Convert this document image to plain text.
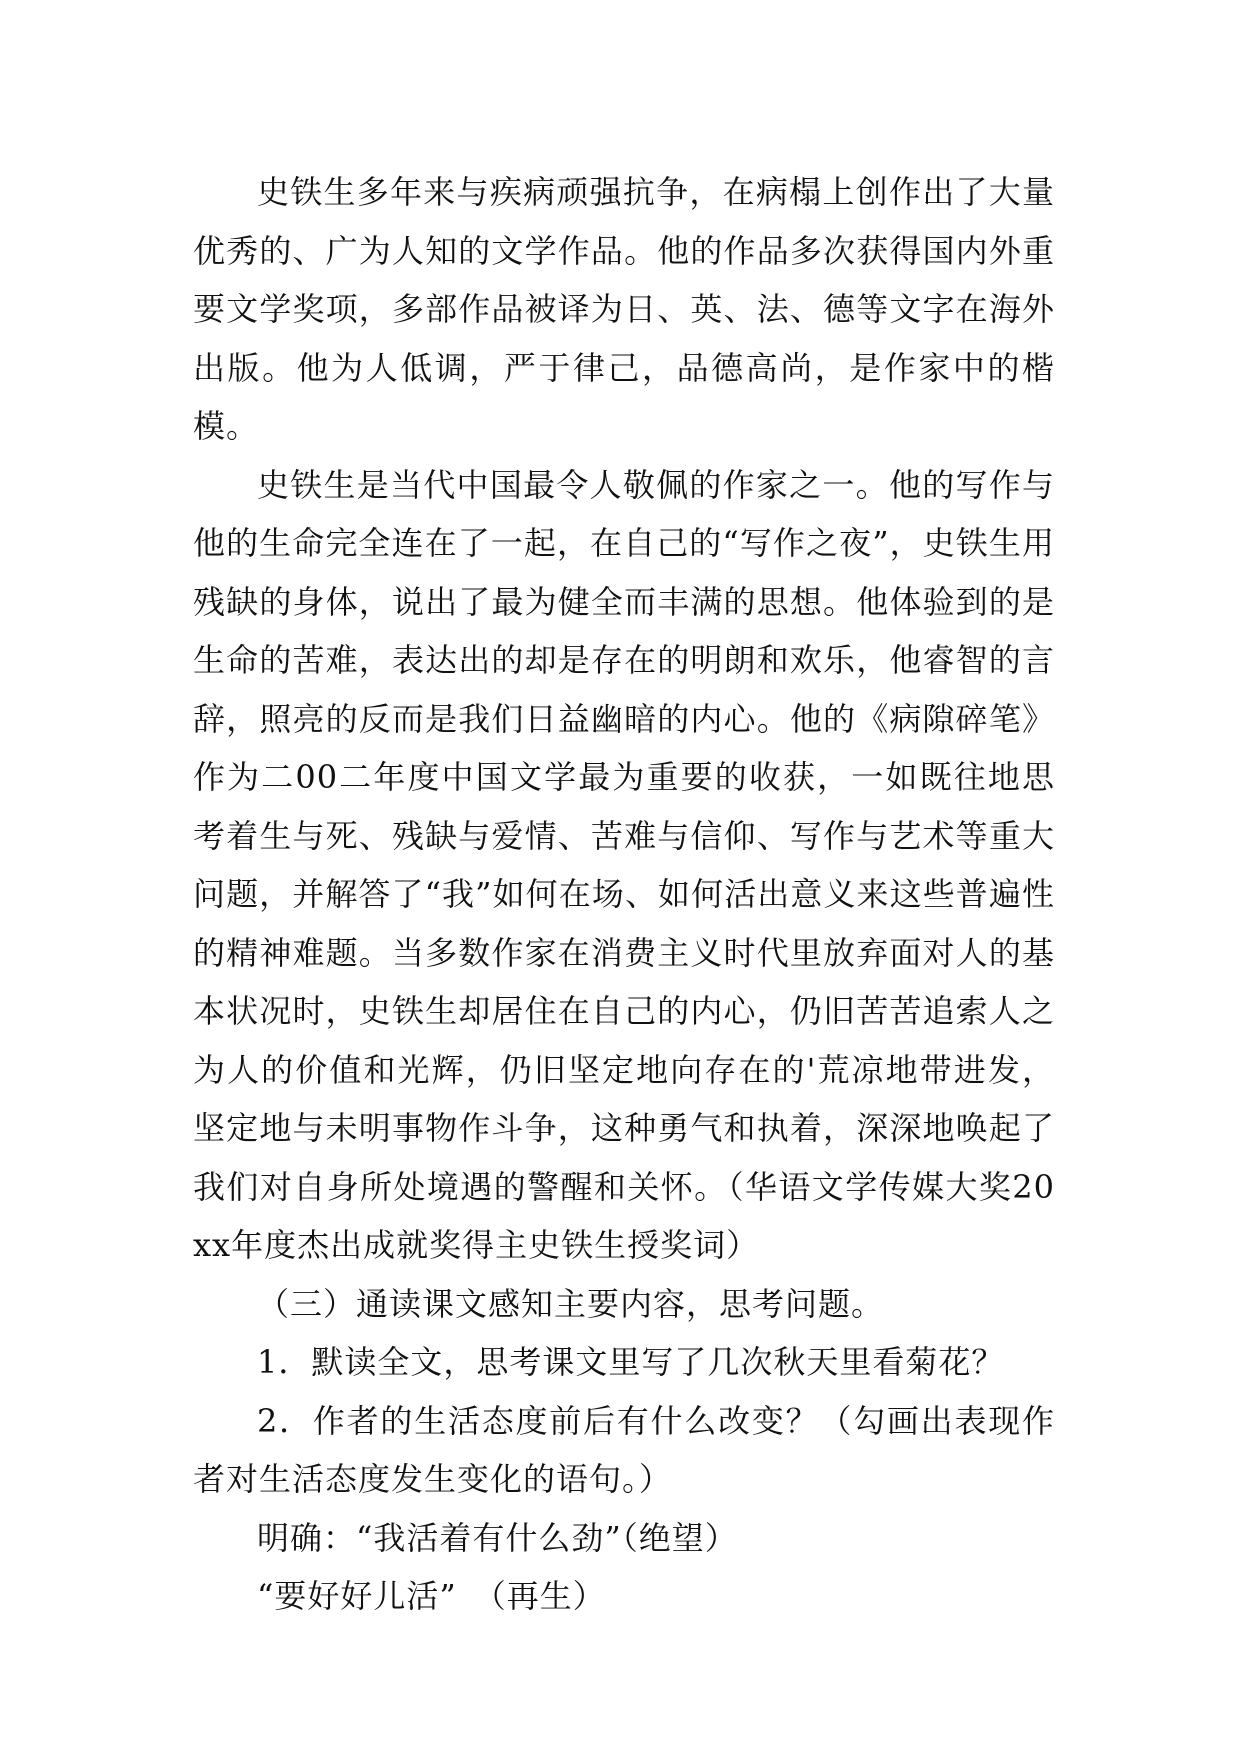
史铁生多年来与疾病顽强抗争，在病榻上创作出了大量优秀的、广为人知的文学作品。他的作品多次获得国内外重要文学奖项，多部作品被译为日、英、法、德等文字在海外出版。他为人低调，严于律己，品德高尚，是作家中的楷模。

史铁生是当代中国最令人敬佩的作家之一。他的写作与他的生命完全连在了一起，在自己的“写作之夜”，史铁生用残缺的身体，说出了最为健全而丰满的思想。他体验到的是生命的苦难，表达出的却是存在的明朗和欢乐，他睿智的言辞，照亮的反而是我们日益幽暗的内心。他的《病隙碎笔》作为二00二年度中国文学最为重要的收获，一如既往地思考着生与死、残缺与爱情、苦难与信仰、写作与艺术等重大问题，并解答了“我”如何在场、如何活出意义来这些普遍性的精神难题。当多数作家在消费主义时代里放弃面对人的基本状况时，史铁生却居住在自己的内心，仍旧苦苦追索人之为人的价值和光辉，仍旧坚定地向存在的'荒凉地带进发，坚定地与未明事物作斗争，这种勇气和执着，深深地唤起了我们对自身所处境遇的警醒和关怀。（华语文学传媒大奖20xx年度杰出成就奖得主史铁生授奖词）

（三）通读课文感知主要内容，思考问题。

1．默读全文，思考课文里写了几次秋天里看菊花？

2．作者的生活态度前后有什么改变？（勾画出表现作者对生活态度发生变化的语句。）

明确：“我活着有什么劲”（绝望）

“要好好儿活”　（再生）
